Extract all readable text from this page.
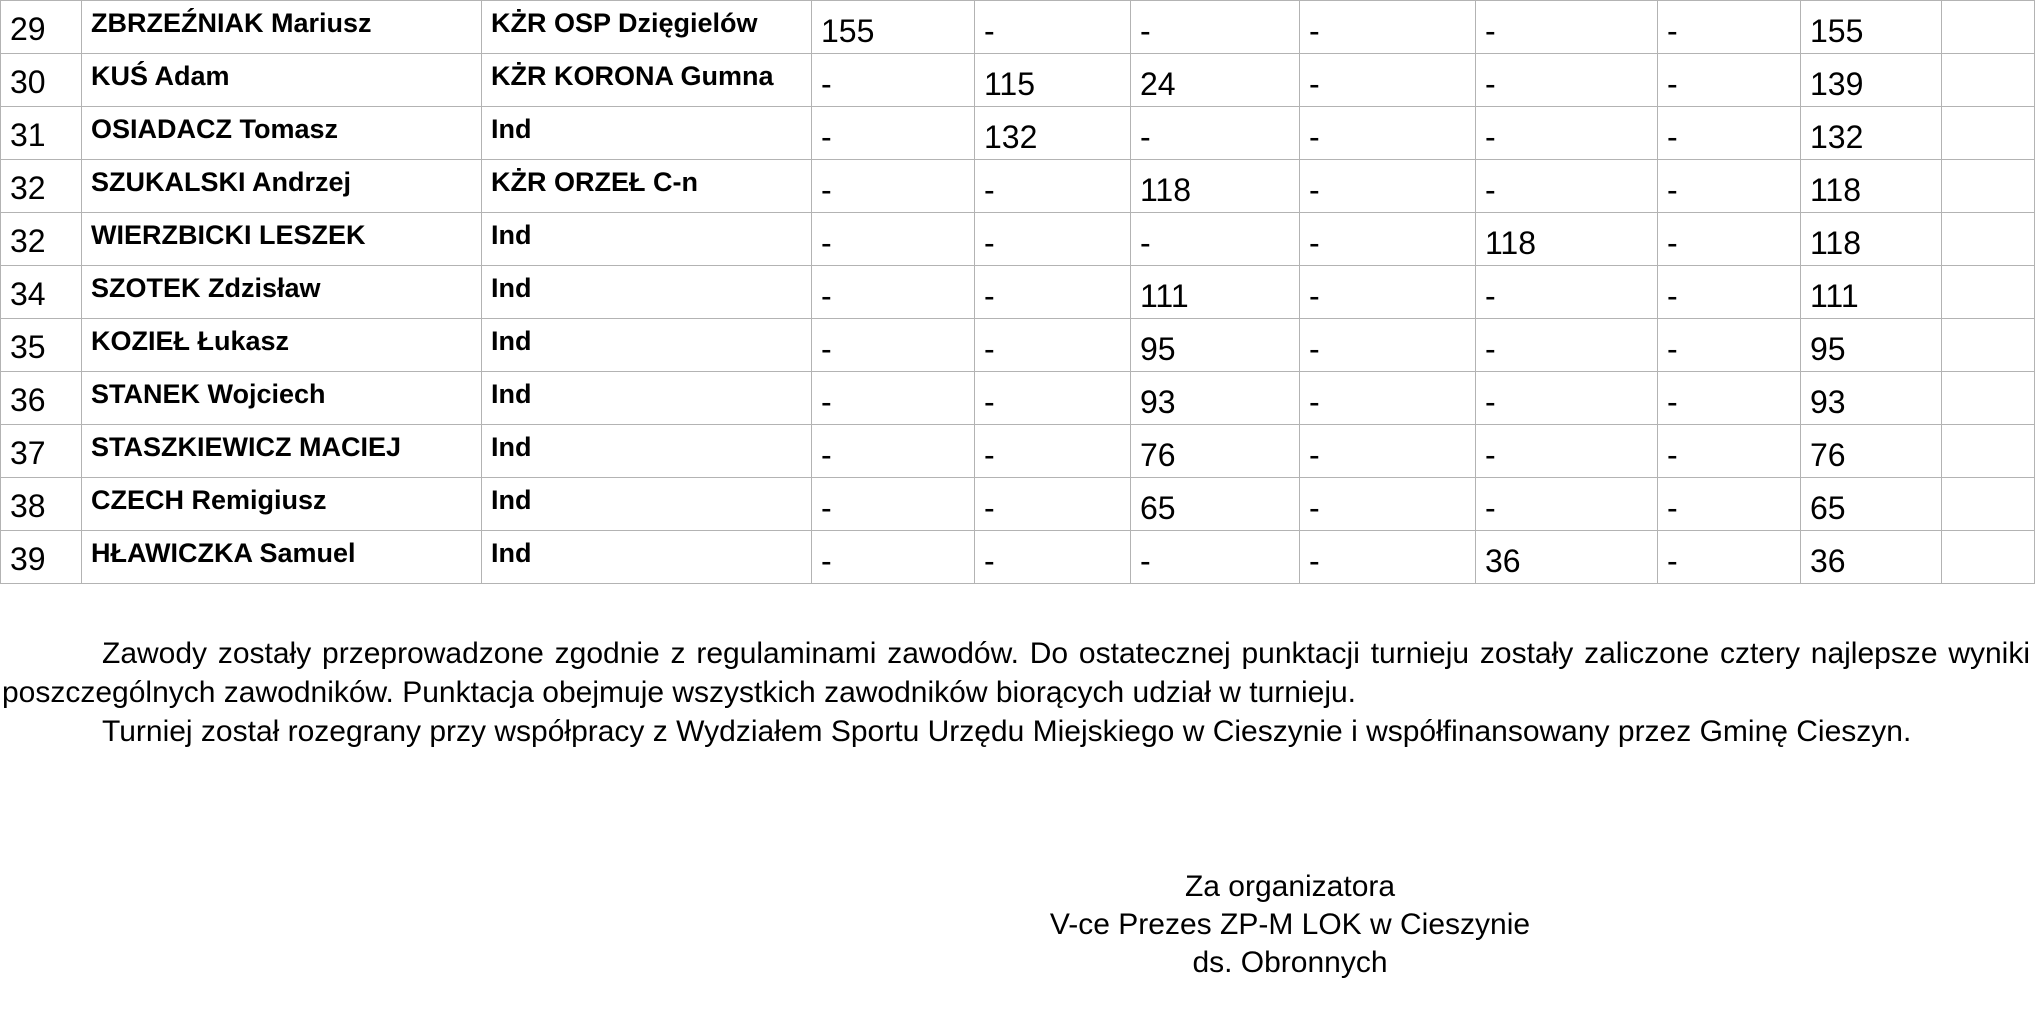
29	ZBRZEŹNIAK Mariusz	KŻR OSP Dzięgielów	155	-	-	-	-	-	155	
30	KUŚ Adam	KŻR KORONA Gumna	-	115	24	-	-	-	139	
31	OSIADACZ Tomasz	Ind	-	132	-	-	-	-	132	
32	SZUKALSKI Andrzej	KŻR ORZEŁ C-n	-	-	118	-	-	-	118	
32	WIERZBICKI LESZEK	Ind	-	-	-	-	118	-	118	
34	SZOTEK Zdzisław	Ind	-	-	111	-	-	-	111	
35	KOZIEŁ Łukasz	Ind	-	-	95	-	-	-	95	
36	STANEK Wojciech	Ind	-	-	93	-	-	-	93	
37	STASZKIEWICZ MACIEJ	Ind	-	-	76	-	-	-	76	
38	CZECH Remigiusz	Ind	-	-	65	-	-	-	65	
39	HŁAWICZKA Samuel	Ind	-	-	-	-	36	-	36	

Zawody zostały przeprowadzone zgodnie z regulaminami zawodów. Do ostatecznej punktacji turnieju zostały zaliczone cztery najlepsze wyniki poszczególnych zawodników. Punktacja obejmuje wszystkich zawodników biorących udział w turnieju.

Turniej został rozegrany przy współpracy z Wydziałem Sportu Urzędu Miejskiego w Cieszynie i współfinansowany przez Gminę Cieszyn.

Za organizatora
V-ce Prezes ZP-M LOK w Cieszynie
ds. Obronnych
